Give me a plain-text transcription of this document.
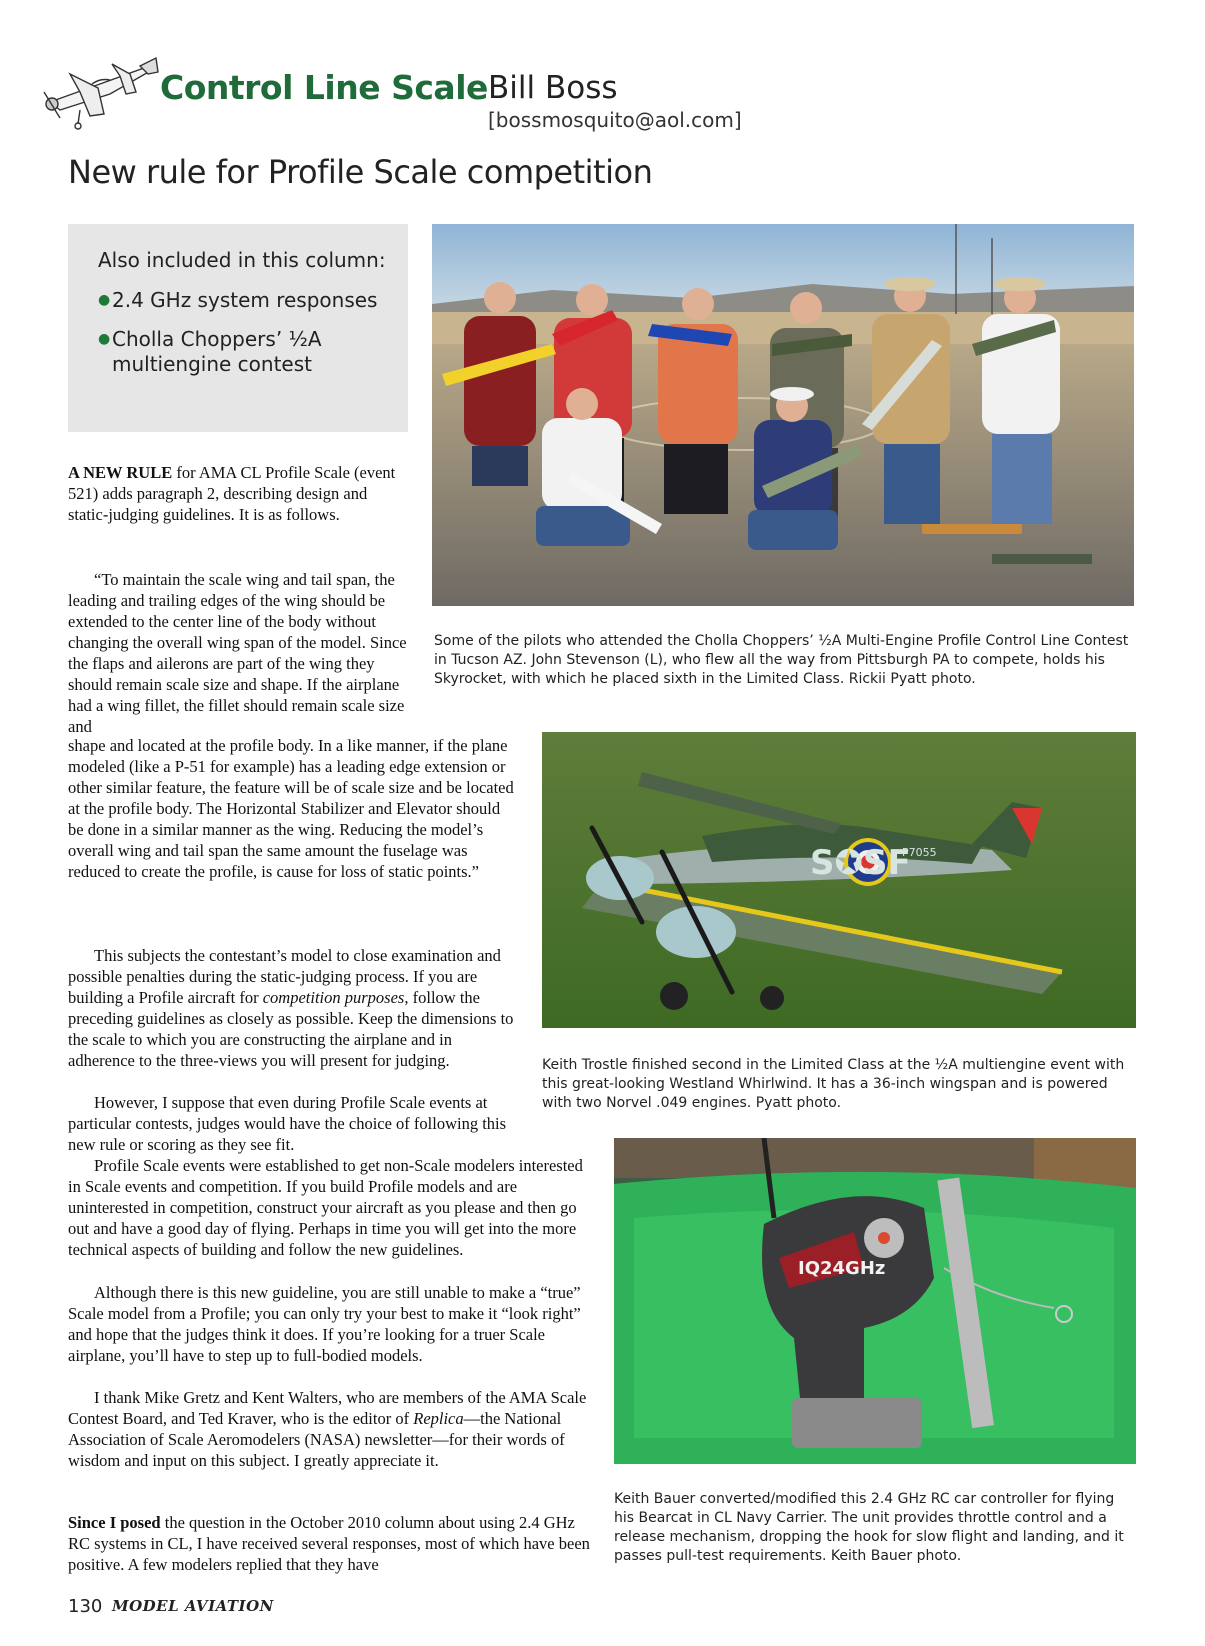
Control Line Scale Bill Boss
[bossmosquito@aol.com]
New rule for Profile Scale competition
Also included in this column:
● 2.4 GHz system responses
● Cholla Choppers’ ½A multiengine contest

A NEW RULE for AMA CL Profile Scale (event 521) adds paragraph 2, describing design and static-judging guidelines. It is as follows.

“To maintain the scale wing and tail span, the leading and trailing edges of the wing should be extended to the center line of the body without changing the overall wing span of the model. Since the flaps and ailerons are part of the wing they should remain scale size and shape. If the airplane had a wing fillet, the fillet should remain scale size and

shape and located at the profile body. In a like manner, if the plane modeled (like a P-51 for example) has a leading edge extension or other similar feature, the feature will be of scale size and be located at the profile body. The Horizontal Stabilizer and Elevator should be done in a similar manner as the wing. Reducing the model’s overall wing and tail span the same amount the fuselage was reduced to create the profile, is cause for loss of static points.”

This subjects the contestant’s model to close examination and possible penalties during the static-judging process. If you are building a Profile aircraft for competition purposes, follow the preceding guidelines as closely as possible. Keep the dimensions to the scale to which you are constructing the airplane and in adherence to the three-views you will present for judging.

However, I suppose that even during Profile Scale events at particular contests, judges would have the choice of following this new rule or scoring as they see fit.

Profile Scale events were established to get non-Scale modelers interested in Scale events and competition. If you build Profile models and are uninterested in competition, construct your aircraft as you please and then go out and have a good day of flying. Perhaps in time you will get into the more technical aspects of building and follow the new guidelines.

Although there is this new guideline, you are still unable to make a “true” Scale model from a Profile; you can only try your best to make it “look right” and hope that the judges think it does. If you’re looking for a truer Scale airplane, you’ll have to step up to full-bodied models.

I thank Mike Gretz and Kent Walters, who are members of the AMA Scale Contest Board, and Ted Kraver, who is the editor of Replica—the National Association of Scale Aeromodelers (NASA) newsletter—for their words of wisdom and input on this subject. I greatly appreciate it.

Since I posed the question in the October 2010 column about using 2.4 GHz RC systems in CL, I have received several responses, most of which have been positive. A few modelers replied that they have

Some of the pilots who attended the Cholla Choppers’ ½A Multi-Engine Profile Control Line Contest in Tucson AZ. John Stevenson (L), who flew all the way from Pittsburgh PA to compete, holds his Skyrocket, with which he placed sixth in the Limited Class. Rickii Pyatt photo.
S✪SF
P7055
Keith Trostle finished second in the Limited Class at the ½A multiengine event with this great-looking Westland Whirlwind. It has a 36-inch wingspan and is powered with two Norvel .049 engines. Pyatt photo.
IQ24GHz
Keith Bauer converted/modified this 2.4 GHz RC car controller for flying his Bearcat in CL Navy Carrier. The unit provides throttle control and a release mechanism, dropping the hook for slow flight and landing, and it passes pull-test requirements. Keith Bauer photo.
130 MODEL AVIATION
